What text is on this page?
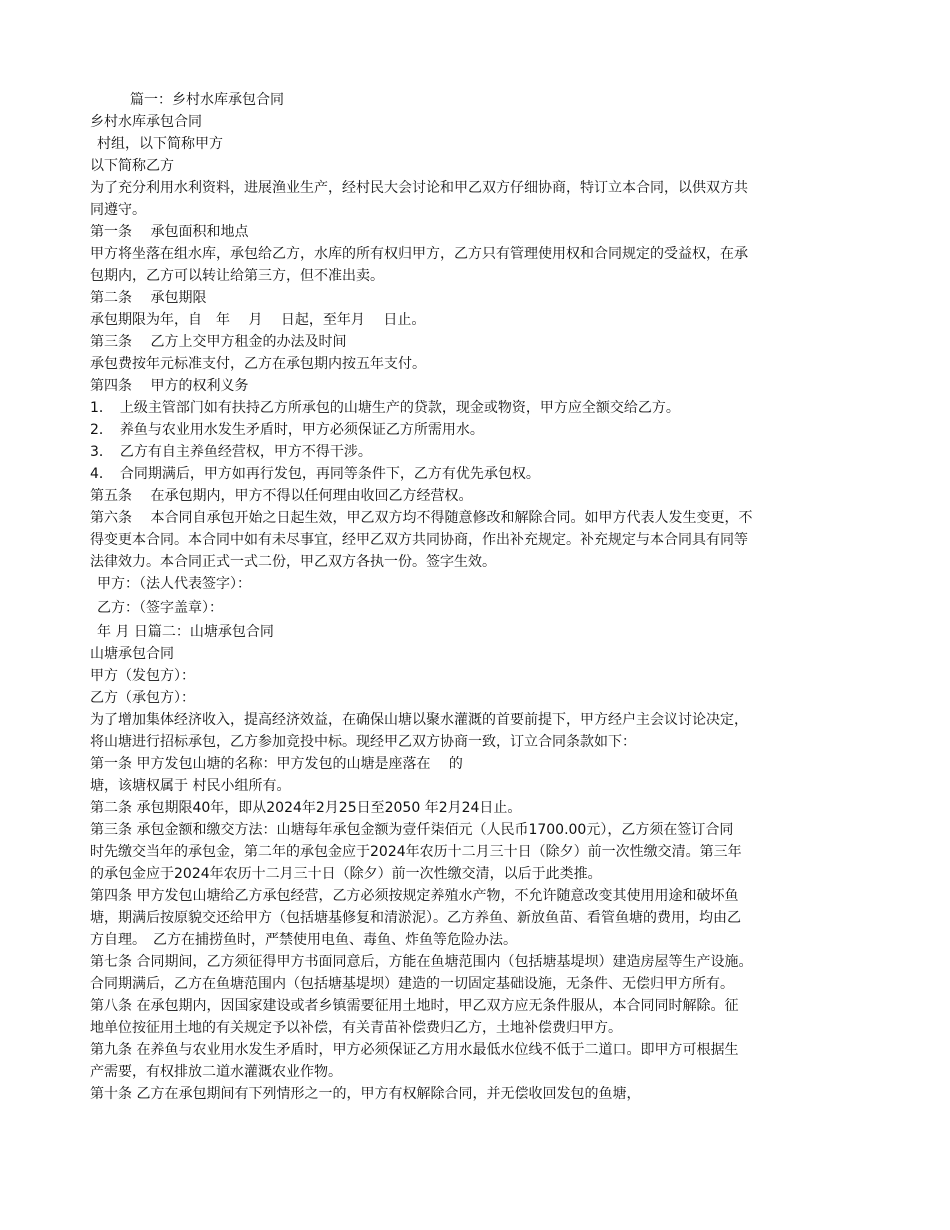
篇一：乡村水库承包合同
乡村水库承包合同
村组，以下简称甲方
以下简称乙方
为了充分利用水利资料，进展渔业生产，经村民大会讨论和甲乙双方仔细协商，特订立本合同，以供双方共
同遵守。
第一条　 承包面积和地点
甲方将坐落在组水库，承包给乙方，水库的所有权归甲方，乙方只有管理使用权和合同规定的受益权，在承
包期内，乙方可以转让给第三方，但不准出卖。
第二条　 承包期限
承包期限为年，自　年　 月　 日起，至年月　 日止。
第三条　 乙方上交甲方租金的办法及时间
承包费按年元标准支付，乙方在承包期内按五年支付。
第四条　 甲方的权利义务
1．　上级主管部门如有扶持乙方所承包的山塘生产的贷款，现金或物资，甲方应全额交给乙方。
2．　养鱼与农业用水发生矛盾时，甲方必须保证乙方所需用水。
3．　乙方有自主养鱼经营权，甲方不得干涉。
4．　合同期满后，甲方如再行发包，再同等条件下，乙方有优先承包权。
第五条　 在承包期内，甲方不得以任何理由收回乙方经营权。
第六条　 本合同自承包开始之日起生效，甲乙双方均不得随意修改和解除合同。如甲方代表人发生变更，不
得变更本合同。本合同中如有未尽事宜，经甲乙双方共同协商，作出补充规定。补充规定与本合同具有同等
法律效力。本合同正式一式二份，甲乙双方各执一份。签字生效。
甲方：（法人代表签字）：
乙方：（签字盖章）：
年 月 日篇二：山塘承包合同
山塘承包合同
甲方（发包方）：
乙方（承包方）：
为了增加集体经济收入，提高经济效益，在确保山塘以聚水灌溉的首要前提下，甲方经户主会议讨论决定，
将山塘进行招标承包，乙方参加竞投中标。现经甲乙双方协商一致，订立合同条款如下：
第一条 甲方发包山塘的名称：甲方发包的山塘是座落在　 的
塘，该塘权属于 村民小组所有。
第二条 承包期限40年，即从2024年2月25日至2050 年2月24日止。
第三条 承包金额和缴交方法：山塘每年承包金额为壹仟柒佰元（人民币1700.00元），乙方须在签订合同
时先缴交当年的承包金，第二年的承包金应于2024年农历十二月三十日（除夕）前一次性缴交清。第三年
的承包金应于2024年农历十二月三十日（除夕）前一次性缴交清，以后于此类推。
第四条 甲方发包山塘给乙方承包经营，乙方必须按规定养殖水产物，不允许随意改变其使用用途和破坏鱼
塘，期满后按原貌交还给甲方（包括塘基修复和清淤泥）。乙方养鱼、新放鱼苗、看管鱼塘的费用，均由乙
方自理。　乙方在捕捞鱼时，严禁使用电鱼、毒鱼、炸鱼等危险办法。
第七条 合同期间，乙方须征得甲方书面同意后，方能在鱼塘范围内（包括塘基堤坝）建造房屋等生产设施。
合同期满后，乙方在鱼塘范围内（包括塘基堤坝）建造的一切固定基础设施，无条件、无偿归甲方所有。
第八条 在承包期内，因国家建设或者乡镇需要征用土地时，甲乙双方应无条件服从，本合同同时解除。征
地单位按征用土地的有关规定予以补偿，有关青苗补偿费归乙方，土地补偿费归甲方。
第九条 在养鱼与农业用水发生矛盾时，甲方必须保证乙方用水最低水位线不低于二道口。即甲方可根据生
产需要，有权排放二道水灌溉农业作物。
第十条 乙方在承包期间有下列情形之一的，甲方有权解除合同，并无偿收回发包的鱼塘，
